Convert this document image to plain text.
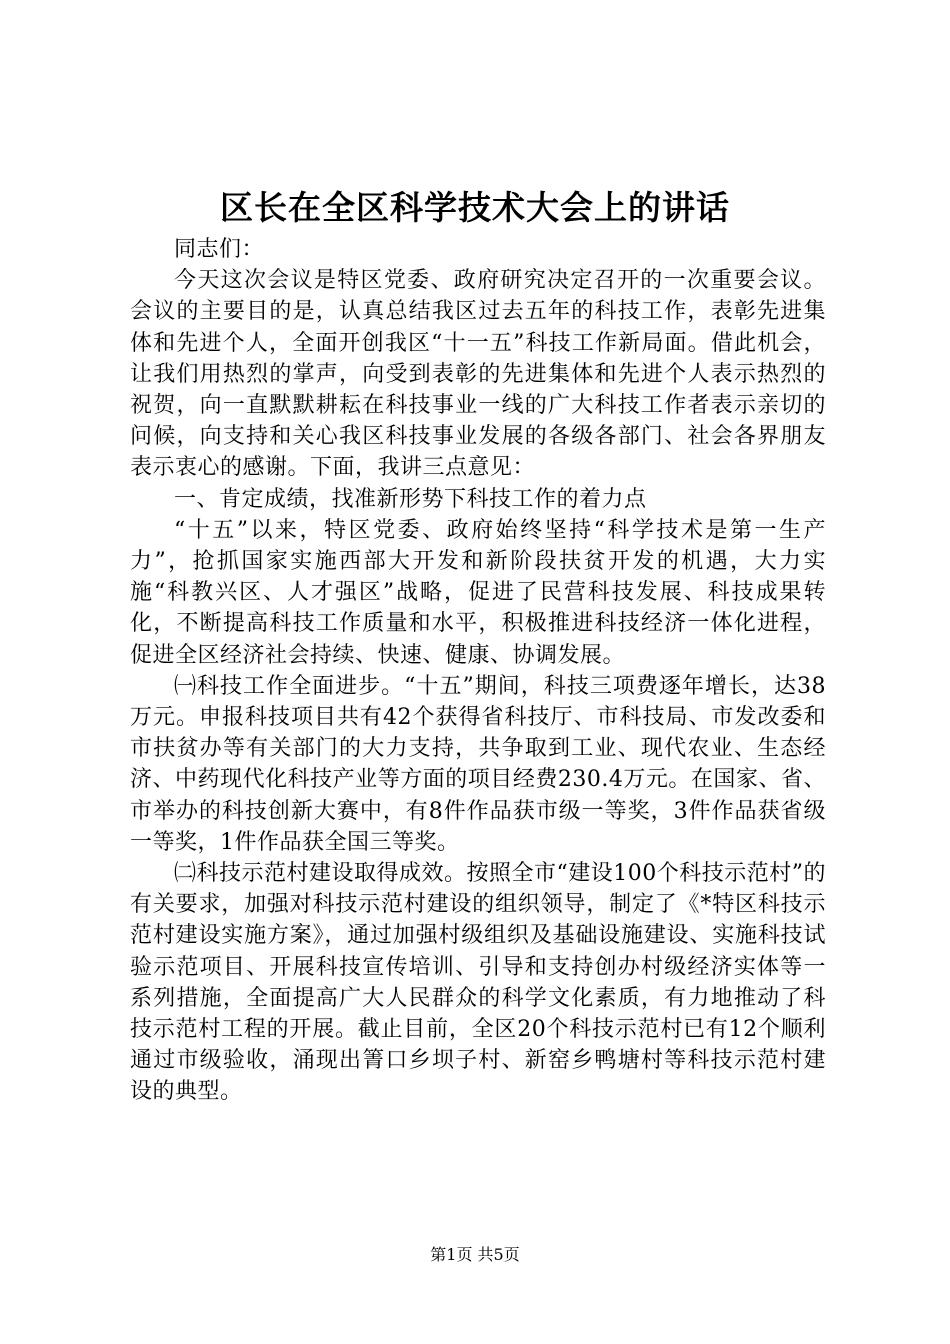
区长在全区科学技术大会上的讲话

同志们：

今天这次会议是特区党委、政府研究决定召开的一次重要会议。会议的主要目的是，认真总结我区过去五年的科技工作，表彰先进集体和先进个人，全面开创我区“十一五”科技工作新局面。借此机会，让我们用热烈的掌声，向受到表彰的先进集体和先进个人表示热烈的祝贺，向一直默默耕耘在科技事业一线的广大科技工作者表示亲切的问候，向支持和关心我区科技事业发展的各级各部门、社会各界朋友表示衷心的感谢。下面，我讲三点意见：

一、肯定成绩，找准新形势下科技工作的着力点

“十五”以来，特区党委、政府始终坚持“科学技术是第一生产力”，抢抓国家实施西部大开发和新阶段扶贫开发的机遇，大力实施“科教兴区、人才强区”战略，促进了民营科技发展、科技成果转化，不断提高科技工作质量和水平，积极推进科技经济一体化进程，促进全区经济社会持续、快速、健康、协调发展。

㈠科技工作全面进步。“十五”期间，科技三项费逐年增长，达38万元。申报科技项目共有42个获得省科技厅、市科技局、市发改委和市扶贫办等有关部门的大力支持，共争取到工业、现代农业、生态经济、中药现代化科技产业等方面的项目经费230.4万元。在国家、省、市举办的科技创新大赛中，有8件作品获市级一等奖，3件作品获省级一等奖，1件作品获全国三等奖。

㈡科技示范村建设取得成效。按照全市“建设100个科技示范村”的有关要求，加强对科技示范村建设的组织领导，制定了《*特区科技示范村建设实施方案》，通过加强村级组织及基础设施建设、实施科技试验示范项目、开展科技宣传培训、引导和支持创办村级经济实体等一系列措施，全面提高广大人民群众的科学文化素质，有力地推动了科技示范村工程的开展。截止目前，全区20个科技示范村已有12个顺利通过市级验收，涌现出箐口乡坝子村、新窑乡鸭塘村等科技示范村建设的典型。

第1页 共5页
